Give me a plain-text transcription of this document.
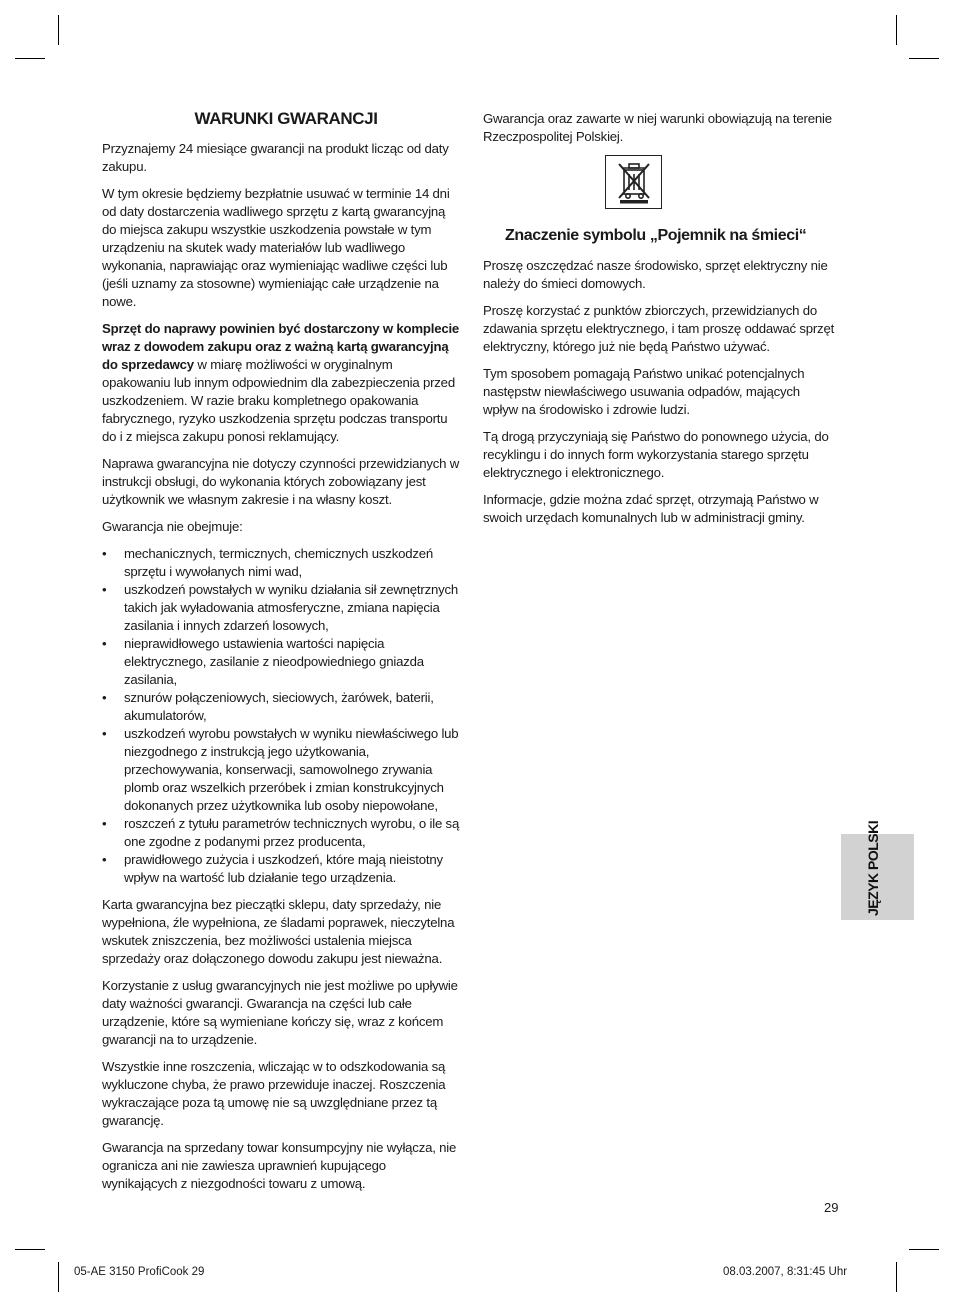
WARUNKI GWARANCJI

Przyznajemy 24 miesiące gwarancji na produkt licząc od daty zakupu.

W tym okresie będziemy bezpłatnie usuwać w terminie 14 dni od daty dostarczenia wadliwego sprzętu z kartą gwarancyjną do miejsca zakupu wszystkie uszkodzenia powstałe w tym urządzeniu na skutek wady materiałów lub wadliwego wykonania, naprawiając oraz wymieniając wadliwe części lub (jeśli uznamy za stosowne) wymieniając całe urządzenie na nowe.

Sprzęt do naprawy powinien być dostarczony w komplecie wraz z dowodem zakupu oraz z ważną kartą gwarancyjną do sprzedawcy w miarę możliwości w oryginalnym opakowaniu lub innym odpowiednim dla zabezpieczenia przed uszkodzeniem. W razie braku kompletnego opakowania fabrycznego, ryzyko uszkodzenia sprzętu podczas transportu do i z miejsca zakupu ponosi reklamujący.

Naprawa gwarancyjna nie dotyczy czynności przewidzianych w instrukcji obsługi, do wykonania których zobowiązany jest użytkownik we własnym zakresie i na własny koszt.

Gwarancja nie obejmuje:

• mechanicznych, termicznych, chemicznych uszkodzeń sprzętu i wywołanych nimi wad,
• uszkodzeń powstałych w wyniku działania sił zewnętrznych takich jak wyładowania atmosferyczne, zmiana napięcia zasilania i innych zdarzeń losowych,
• nieprawidłowego ustawienia wartości napięcia elektrycznego, zasilanie z nieodpowiedniego gniazda zasilania,
• sznurów połączeniowych, sieciowych, żarówek, baterii, akumulatorów,
• uszkodzeń wyrobu powstałych w wyniku niewłaściwego lub niezgodnego z instrukcją jego użytkowania, przechowywania, konserwacji, samowolnego zrywania plomb oraz wszelkich przeróbek i zmian konstrukcyjnych dokonanych przez użytkownika lub osoby niepowołane,
• roszczeń z tytułu parametrów technicznych wyrobu, o ile są one zgodne z podanymi przez producenta,
• prawidłowego zużycia i uszkodzeń, które mają nieistotny wpływ na wartość lub działanie tego urządzenia.

Karta gwarancyjna bez pieczątki sklepu, daty sprzedaży, nie wypełniona, źle wypełniona, ze śladami poprawek, nieczytelna wskutek zniszczenia, bez możliwości ustalenia miejsca sprzedaży oraz dołączonego dowodu zakupu jest nieważna.

Korzystanie z usług gwarancyjnych nie jest możliwe po upływie daty ważności gwarancji. Gwarancja na części lub całe urządzenie, które są wymieniane kończy się, wraz z końcem gwarancji na to urządzenie.

Wszystkie inne roszczenia, wliczając w to odszkodowania są wykluczone chyba, że prawo przewiduje inaczej. Roszczenia wykraczające poza tą umowę nie są uwzględniane przez tą gwarancję.

Gwarancja na sprzedany towar konsumpcyjny nie wyłącza, nie ogranicza ani nie zawiesza uprawnień kupującego wynikających z niezgodności towaru z umową.

Gwarancja oraz zawarte w niej warunki obowiązują na terenie Rzeczpospolitej Polskiej.

Znaczenie symbolu „Pojemnik na śmieci“

Proszę oszczędzać nasze środowisko, sprzęt elektryczny nie należy do śmieci domowych.

Proszę korzystać z punktów zbiorczych, przewidzianych do zdawania sprzętu elektrycznego, i tam proszę oddawać sprzęt elektryczny, którego już nie będą Państwo używać.

Tym sposobem pomagają Państwo unikać potencjalnych następstw niewłaściwego usuwania odpadów, mających wpływ na środowisko i zdrowie ludzi.

Tą drogą przyczyniają się Państwo do ponownego użycia, do recyklingu i do innych form wykorzystania starego sprzętu elektrycznego i elektronicznego.

Informacje, gdzie można zdać sprzęt, otrzymają Państwo w swoich urzędach komunalnych lub w administracji gminy.

JĘZYK POLSKI
29
05-AE 3150 ProfiCook 29	08.03.2007, 8:31:45 Uhr
